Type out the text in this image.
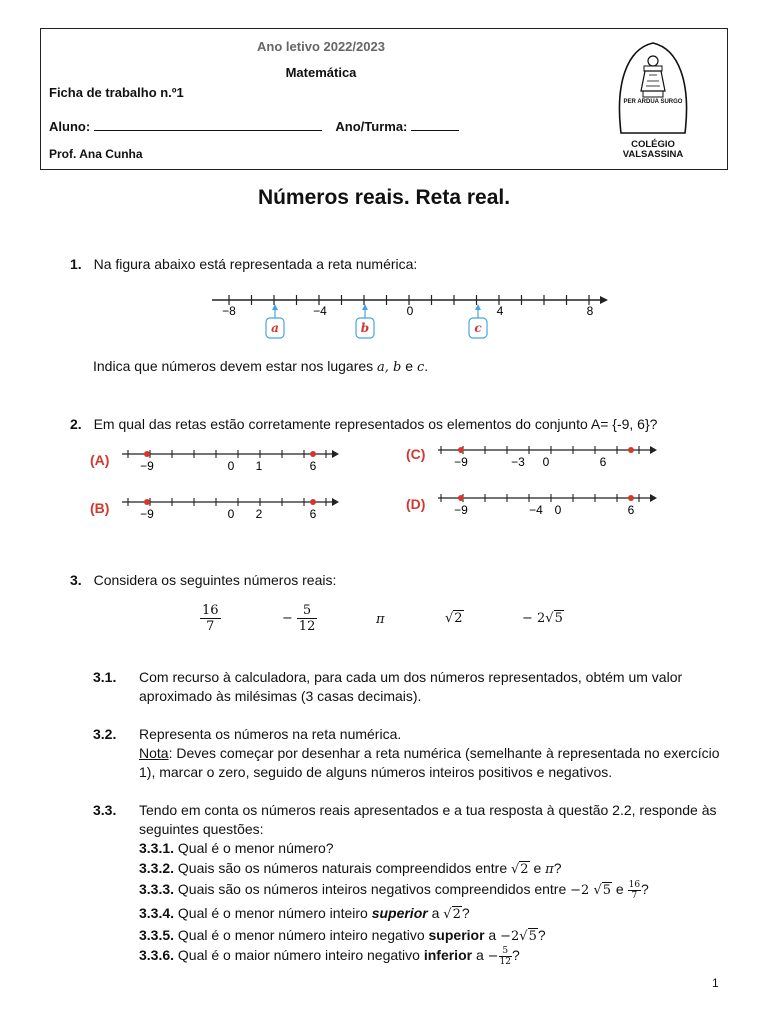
Ano letivo 2022/2023
Matemática
Ficha de trabalho n.º1
Aluno:	Ano/Turma:
Prof. Ana Cunha
PER ARDUA SURGO
COLÉGIO
VALSASSINA
Números reais. Reta real.
1. Na figura abaixo está representada a reta numérica:
−8	−4	0	4	8
a	b	c
Indica que números devem estar nos lugares a, b e c.
2. Em qual das retas estão corretamente representados os elementos do conjunto A= {-9, 6}?
(A)	−9	0 1	6
(B)	−9	0 2	6
(C) −9	−3 0	6
(D) −9	−4 0	6
3. Considera os seguintes números reais:
$\frac{16}{7}$	− $\frac{5}{12}$	π	√2	− 2√5
3.1. Com recurso à calculadora, para cada um dos números representados, obtém um valor aproximado às milésimas (3 casas decimais).
3.2. Representa os números na reta numérica.
Nota: Deves começar por desenhar a reta numérica (semelhante à representada no exercício 1), marcar o zero, seguido de alguns números inteiros positivos e negativos.
3.3. Tendo em conta os números reais apresentados e a tua resposta à questão 2.2, responde às seguintes questões:
3.3.1. Qual é o menor número?
3.3.2. Quais são os números naturais compreendidos entre √2 e π?
3.3.3. Quais são os números inteiros negativos compreendidos entre −2 √5 e $\frac{16}{7}$ ?
3.3.4. Qual é o menor número inteiro superior a √2?
3.3.5. Qual é o menor número inteiro negativo superior a −2√5?
3.3.6. Qual é o maior número inteiro negativo inferior $a - \frac{5}{12}$ ?
1
